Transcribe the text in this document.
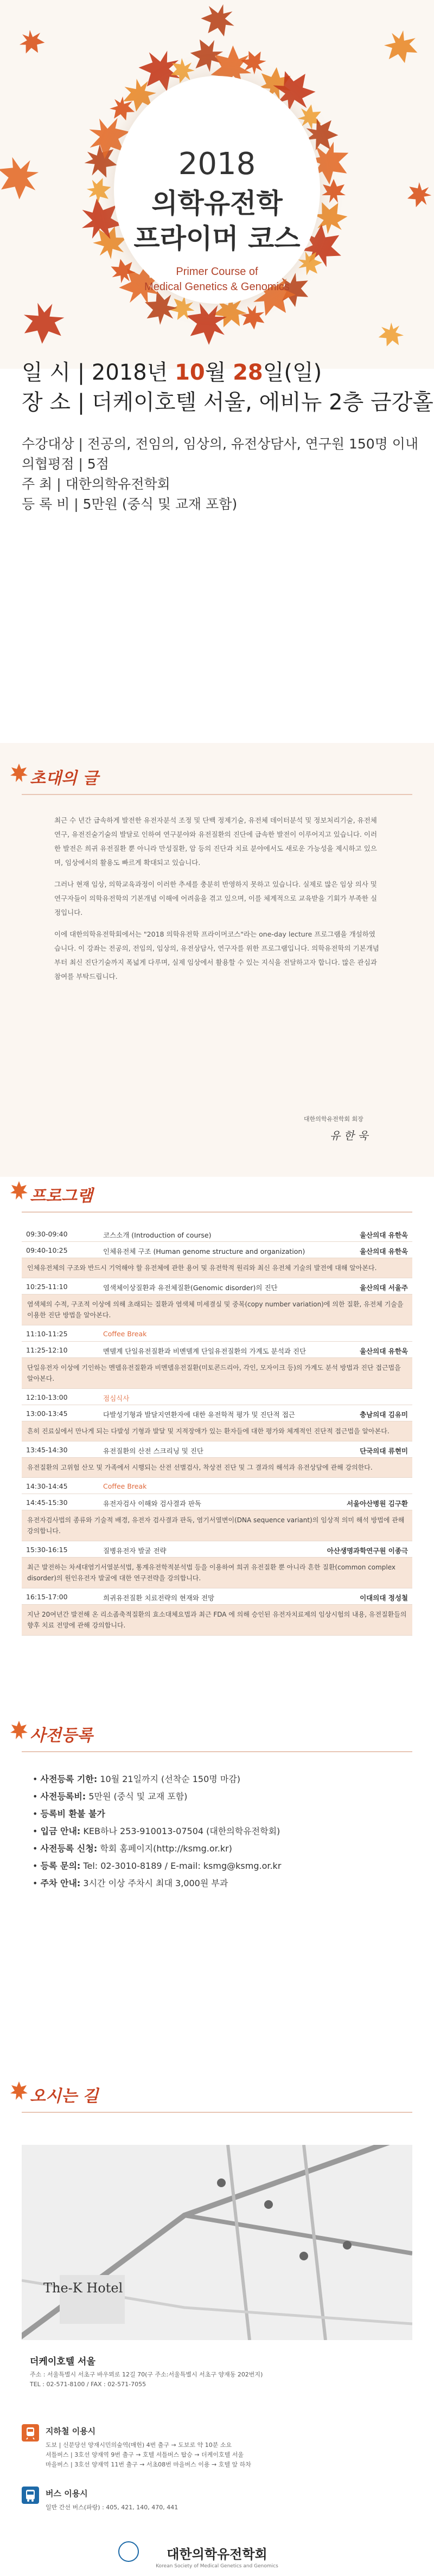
2018
의학유전학
프라이머 코스
Primer Course of
Medical Genetics & Genomics
일 시 | 2018년 10월 28일(일)
장 소 | 더케이호텔 서울, 에비뉴 2층 금강홀
수강대상 | 전공의, 전임의, 임상의, 유전상담사, 연구원 150명 이내
의협평점 | 5점
주 최 | 대한의학유전학회
등 록 비 | 5만원 (중식 및 교재 포함)
초대의 글

최근 수 년간 급속하게 발전한 유전자분석 조정 및 단백 정제기술, 유전체 데이터분석 및 정보처리기술, 유전체연구, 유전진술기술의 발달로 인하여 연구분야와 유전질환의 진단에 급속한 발전이 이루어지고 있습니다. 이러한 발전은 희귀 유전질환 뿐 아니라 만성질환, 암 등의 진단과 치료 분야에서도 새로운 가능성을 제시하고 있으며, 임상에서의 활용도 빠르게 확대되고 있습니다.

그러나 현재 임상, 의학교육과정이 이러한 추세를 충분히 반영하지 못하고 있습니다. 실제로 많은 임상 의사 및 연구자들이 의학유전학의 기본개념 이해에 어려움을 겪고 있으며, 이를 체계적으로 교육받을 기회가 부족한 실정입니다.

이에 대한의학유전학회에서는 "2018 의학유전학 프라이머코스"라는 one-day lecture 프로그램을 개설하였습니다. 이 강좌는 전공의, 전임의, 임상의, 유전상담사, 연구자를 위한 프로그램입니다. 의학유전학의 기본개념부터 최신 진단기술까지 폭넓게 다루며, 실제 임상에서 활용할 수 있는 지식을 전달하고자 합니다. 많은 관심과 참여를 부탁드립니다.

대한의학유전학회 회장
유 한 욱
프로그램
09:30-09:40	코스소개 (Introduction of course)	울산의대 유한욱
09:40-10:25	인체유전체 구조 (Human genome structure and organization)	울산의대 유한욱
인체유전체의 구조와 반드시 기억해야 할 유전체에 관한 용어 및 유전학적 원리와 최신 유전체 기술의 발전에 대해 알아본다.
10:25-11:10	염색체이상질환과 유전체질환(Genomic disorder)의 진단	울산의대 서울주
염색체의 수적, 구조적 이상에 의해 초래되는 질환과 염색체 미세결실 및 중복(copy number variation)에 의한 질환, 유전체 기술을 이용한 진단 방법을 알아본다.
11:10-11:25	Coffee Break
11:25-12:10	멘델계 단일유전질환과 비멘델계 단일유전질환의 가계도 분석과 진단	울산의대 유한욱
단일유전자 이상에 기인하는 멘델유전질환과 비멘델유전질환(미토콘드리아, 각인, 모자이크 등)의 가계도 분석 방법과 진단 접근법을 알아본다.
12:10-13:00	점심식사
13:00-13:45	다발성기형과 발달지연환자에 대한 유전학적 평가 및 진단적 접근	충남의대 김유미
흔히 진료실에서 만나게 되는 다발성 기형과 발달 및 지적장애가 있는 환자들에 대한 평가와 체계적인 진단적 접근법을 알아본다.
13:45-14:30	유전질환의 산전 스크리닝 및 진단	단국의대 류현미
유전질환의 고위험 산모 및 가족에서 시행되는 산전 선별검사, 착상전 진단 및 그 결과의 해석과 유전상담에 관해 강의한다.
14:30-14:45	Coffee Break
14:45-15:30	유전자검사 이해와 검사결과 판독	서울아산병원 김구환
유전자검사법의 종류와 기술적 배경, 유전자 검사결과 판독, 염기서열변이(DNA sequence variant)의 임상적 의미 해석 방법에 관해 강의합니다.
15:30-16:15	질병유전자 발굴 전략	아산생명과학연구원 이종극
최근 발전하는 차세대염기서열분석법, 통계유전학적분석법 등을 이용하여 희귀 유전질환 뿐 아니라 흔한 질환(common complex disorder)의 원인유전자 발굴에 대한 연구전략을 강의합니다.
16:15-17:00	희귀유전질환 치료전략의 현재와 전망	이대의대 정성철
지난 20여년간 발전해 온 리소좀축적질환의 효소대체요법과 최근 FDA 에 의해 승인된 유전자치료제의 임상시험의 내용, 유전질환들의 향후 치료 전망에 관해 강의합니다.
사전등록
• 사전등록 기한: 10월 21일까지 (선착순 150명 마감)
• 사전등록비: 5만원 (중식 및 교재 포함)
• 등록비 환불 불가
• 입금 안내: KEB하나 253-910013-07504 (대한의학유전학회)
• 사전등록 신청: 학회 홈페이지(http://ksmg.or.kr)
• 등록 문의: Tel: 02-3010-8189 / E-mail: ksmg@ksmg.or.kr
• 주차 안내: 3시간 이상 주차시 최대 3,000원 부과
오시는 길
The-K Hotel
더케이호텔 서울
주소 : 서울특별시 서초구 바우뫼로 12길 70(구 주소:서울특별시 서초구 양재동 202번지)
TEL : 02-571-8100 / FAX : 02-571-7055
지하철 이용시
도보 | 신분당선 양재시민의숲역(매헌) 4번 출구 → 도보로 약 10분 소요
셔틀버스 | 3호선 양재역 9번 출구 → 호텔 셔틀버스 탑승 → 더케이호텔 서울
마을버스 | 3호선 양재역 11번 출구 → 서초08번 마을버스 이용 → 호텔 앞 하차
버스 이용시
일반 간선 버스(파랑) : 405, 421, 140, 470, 441
대한의학유전학회
Korean Society of Medical Genetics and Genomics
